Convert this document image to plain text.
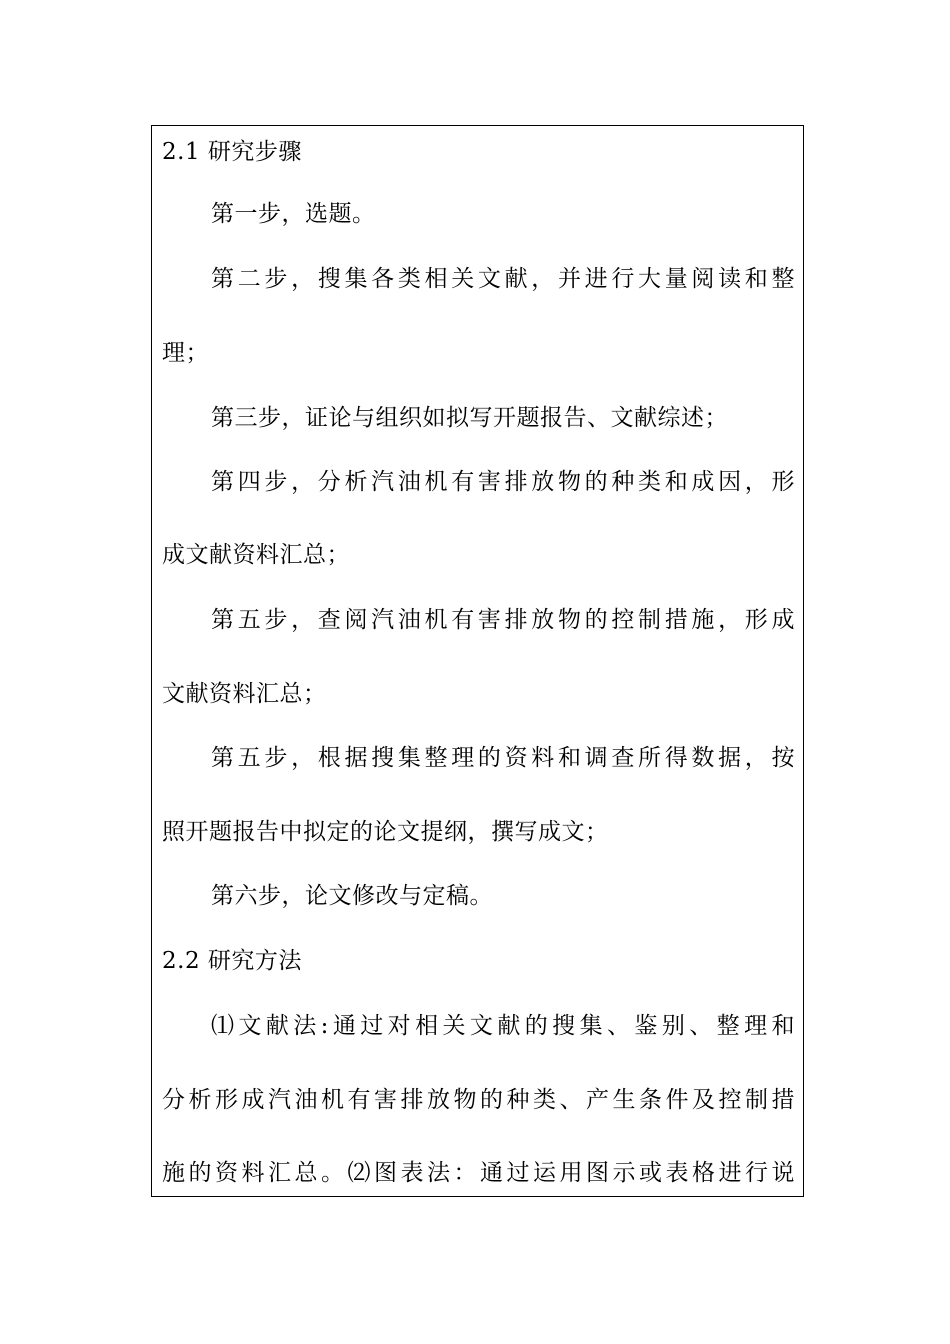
2.1 研究步骤
第一步，选题。
第二步，搜集各类相关文献，并进行大量阅读和整
理；
第三步，证论与组织如拟写开题报告、文献综述；
第四步，分析汽油机有害排放物的种类和成因，形
成文献资料汇总；
第五步，查阅汽油机有害排放物的控制措施，形成
文献资料汇总；
第五步，根据搜集整理的资料和调查所得数据，按
照开题报告中拟定的论文提纲，撰写成文；
第六步，论文修改与定稿。
2.2 研究方法
⑴文献法:通过对相关文献的搜集、鉴别、整理和
分析形成汽油机有害排放物的种类、产生条件及控制措
施的资料汇总。⑵图表法：通过运用图示或表格进行说
